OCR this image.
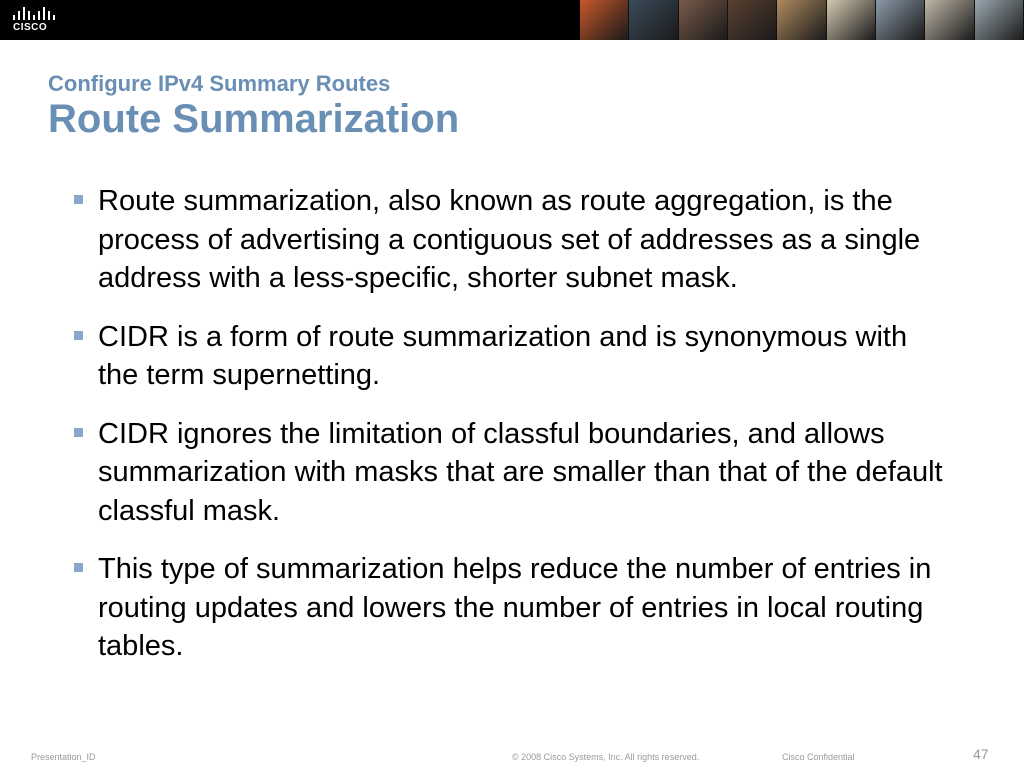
CISCO
Configure IPv4 Summary Routes
Route Summarization
Route summarization, also known as route aggregation, is the process of advertising a contiguous set of addresses as a single address with a less-specific, shorter subnet mask.
CIDR is a form of route summarization and is synonymous with the term supernetting.
CIDR ignores the limitation of classful boundaries, and allows summarization with masks that are smaller than that of the default classful mask.
This type of summarization helps reduce the number of entries in routing updates and lowers the number of entries in local routing tables.
Presentation_ID	© 2008 Cisco Systems, Inc. All rights reserved.	Cisco Confidential	47
